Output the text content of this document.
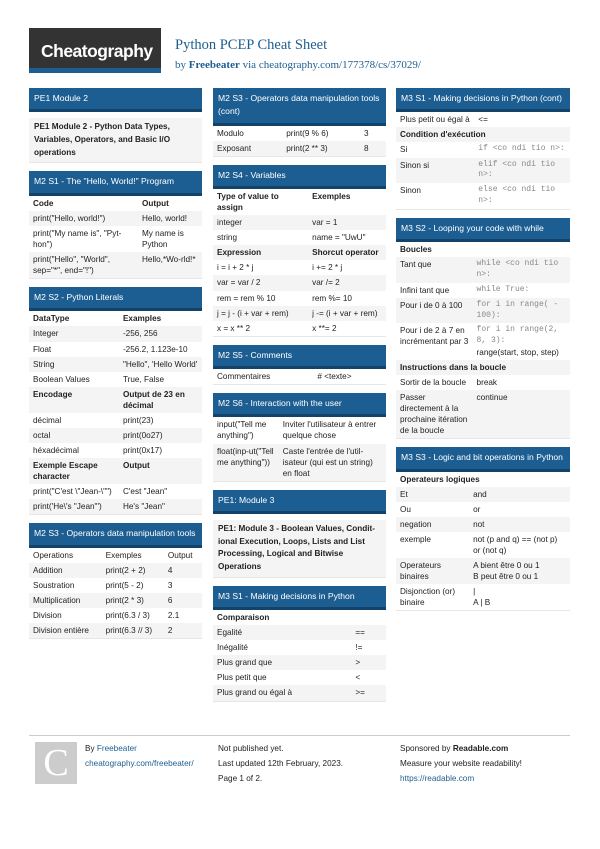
Cheatography	Python PCEP Cheat Sheet
by Freebeater via cheatography.com/177378/cs/37029/
PE1 Module 2
PE1 Module 2 - Python Data Types, Variables, Operators, and Basic I/O operations
M2 S1 - The "Hello, World!" Program
Code	Output
print("Hello, world!")	Hello, world!
print("My name is", "Pyt-hon")	My name is Python
print("Hello", "World", sep="*", end="!")	Hello,*Wo-rld!*
M2 S2 - Python Literals
DataType	Examples
Integer	-256, 256
Float	-256.2, 1.123e-10
String	"Hello", 'Hello World'
Boolean Values	True, False
Encodage	Output de 23 en décimal
décimal	print(23)
octal	print(0o27)
héxadécimal	print(0x17)
Exemple Escape character	Output
print("C'est \"Jean-\"")	C'est "Jean"
print('He\'s "Jean"')	He's "Jean"
M2 S3 - Operators data manipulation tools
Operations	Exemples	Output
Addition	print(2 + 2)	4
Soustration	print(5 - 2)	3
Multiplication	print(2 * 3)	6
Division	print(6.3 / 3)	2.1
Division entière	print(6.3 // 3)	2
M2 S3 - Operators data manipulation tools (cont)
Modulo	print(9 % 6)	3
Exposant	print(2 ** 3)	8
M2 S4 - Variables
Type of value to assign	Exemples
integer	var = 1
string	name = "UwU"
Expression	Shorcut operator
i = i + 2 * j	i += 2 * j
var = var / 2	var /= 2
rem = rem % 10	rem %= 10
j = j - (i + var + rem)	j -= (i + var + rem)
x = x ** 2	x **= 2
M2 S5 - Comments
Commentaires	# <texte>
M2 S6 - Interaction with the user
input("Tell me anything")	Inviter l'utilisateur à entrer quelque chose
float(inp-ut("Tell me anything"))	Caste l'entrée de l'util-isateur (qui est un string) en float
PE1: Module 3
PE1: Module 3 - Boolean Values, Condit-ional Execution, Loops, Lists and List Processing, Logical and Bitwise Operations
M3 S1 - Making decisions in Python
Comparaison	
Egalité	==
Inégalité	!=
Plus grand que	>
Plus petit que	<
Plus grand ou égal à	>=
M3 S1 - Making decisions in Python (cont)
Plus petit ou égal à	<=
Condition d'exécution	
Si	if <co ndi tio n>:
Sinon si	elif <co ndi tio n>:
Sinon	else <co ndi tio n>:
M3 S2 - Looping your code with while
Boucles	
Tant que	while <co ndi tio n>:
Infini tant que	while True:
Pour i de 0 à 100	for i in range( - 100):
Pour i de 2 à 7 en incrémentant par 3	for i in range(2, 8, 3):
range(start, stop, step)

Instructions dans la boucle	
Sortir de la boucle	break
Passer directement à la prochaine itération de la boucle	continue
M3 S3 - Logic and bit operations in Python
Operateurs logiques	
Et	and
Ou	or
negation	not
exemple	not (p and q) == (not p) or (not q)
Operateurs binaires	A bient être 0 ou 1
B peut être 0 ou 1
Disjonction (or) binaire	|
A | B
C	By Freebeater
cheatography.com/freebeater/
Not published yet.
Last updated 12th February, 2023.
Page 1 of 2.
Sponsored by Readable.com
Measure your website readability!
https://readable.com
